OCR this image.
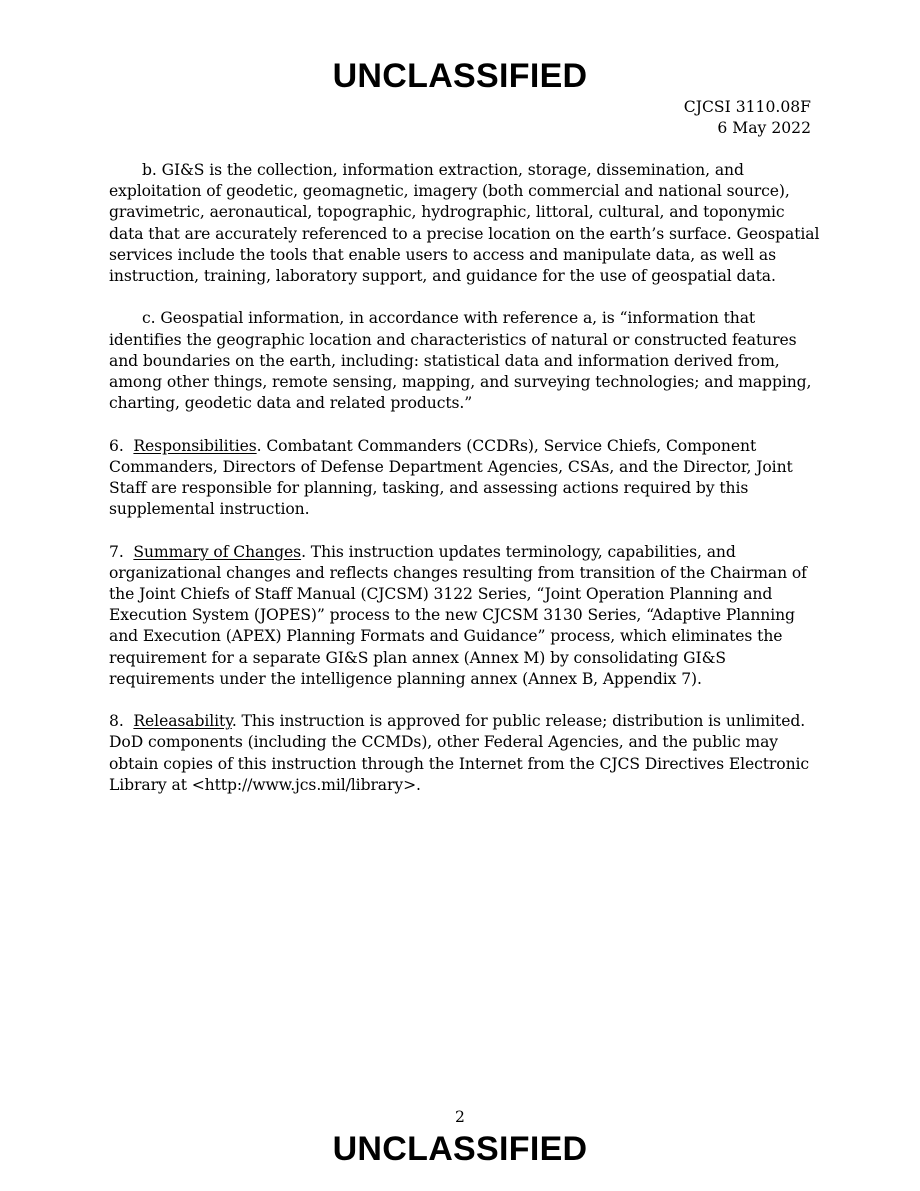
UNCLASSIFIED
CJCSI 3110.08F
6 May 2022

b. GI&S is the collection, information extraction, storage, dissemination, and exploitation of geodetic, geomagnetic, imagery (both commercial and national source), gravimetric, aeronautical, topographic, hydrographic, littoral, cultural, and toponymic data that are accurately referenced to a precise location on the earth’s surface. Geospatial services include the tools that enable users to access and manipulate data, as well as instruction, training, laboratory support, and guidance for the use of geospatial data.

c. Geospatial information, in accordance with reference a, is “information that identifies the geographic location and characteristics of natural or constructed features and boundaries on the earth, including: statistical data and information derived from, among other things, remote sensing, mapping, and surveying technologies; and mapping, charting, geodetic data and related products.”

6. Responsibilities. Combatant Commanders (CCDRs), Service Chiefs, Component Commanders, Directors of Defense Department Agencies, CSAs, and the Director, Joint Staff are responsible for planning, tasking, and assessing actions required by this supplemental instruction.

7. Summary of Changes. This instruction updates terminology, capabilities, and organizational changes and reflects changes resulting from transition of the Chairman of the Joint Chiefs of Staff Manual (CJCSM) 3122 Series, “Joint Operation Planning and Execution System (JOPES)” process to the new CJCSM 3130 Series, “Adaptive Planning and Execution (APEX) Planning Formats and Guidance” process, which eliminates the requirement for a separate GI&S plan annex (Annex M) by consolidating GI&S requirements under the intelligence planning annex (Annex B, Appendix 7).

8. Releasability. This instruction is approved for public release; distribution is unlimited. DoD components (including the CCMDs), other Federal Agencies, and the public may obtain copies of this instruction through the Internet from the CJCS Directives Electronic Library at <http://www.jcs.mil/library>.

2
UNCLASSIFIED
